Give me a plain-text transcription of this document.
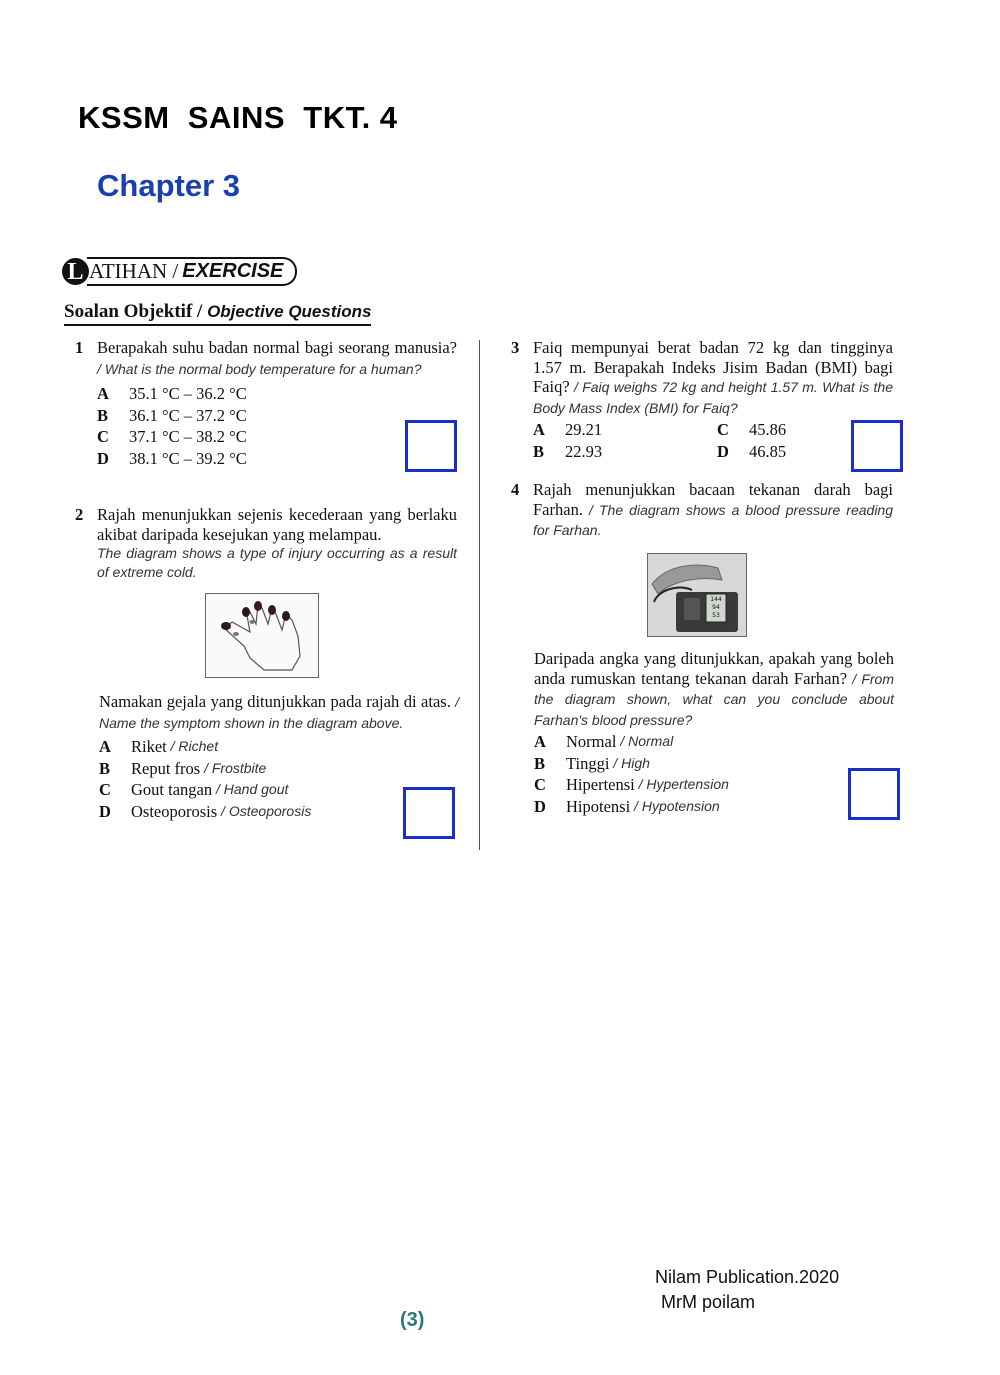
KSSM  SAINS  TKT. 4
Chapter 3
L ATIHAN / EXERCISE
Soalan Objektif / Objective Questions
1 Berapakah suhu badan normal bagi seorang manusia? / What is the normal body temperature for a human?
A	35.1 °C – 36.2 °C
B	36.1 °C – 37.2 °C
C	37.1 °C – 38.2 °C
D	38.1 °C – 39.2 °C
2 Rajah menunjukkan sejenis kecederaan yang berlaku akibat daripada kesejukan yang melampau.
The diagram shows a type of injury occurring as a result of extreme cold.
Namakan gejala yang ditunjukkan pada rajah di atas. / Name the symptom shown in the diagram above.
A	Riket / Richet
B	Reput fros / Frostbite
C	Gout tangan / Hand gout
D	Osteoporosis / Osteoporosis
3 Faiq mempunyai berat badan 72 kg dan tingginya 1.57 m. Berapakah Indeks Jisim Badan (BMI) bagi Faiq? / Faiq weighs 72 kg and height 1.57 m. What is the Body Mass Index (BMI) for Faiq?
A	29.21	C	45.86
B	22.93	D	46.85
4 Rajah menunjukkan bacaan tekanan darah bagi Farhan. / The diagram shows a blood pressure reading for Farhan.
144
94
53
Daripada angka yang ditunjukkan, apakah yang boleh anda rumuskan tentang tekanan darah Farhan? / From the diagram shown, what can you conclude about Farhan's blood pressure?
A	Normal / Normal
B	Tinggi / High
C	Hipertensi / Hypertension
D	Hipotensi / Hypotension
Nilam Publication.2020
MrM poilam
(3)
